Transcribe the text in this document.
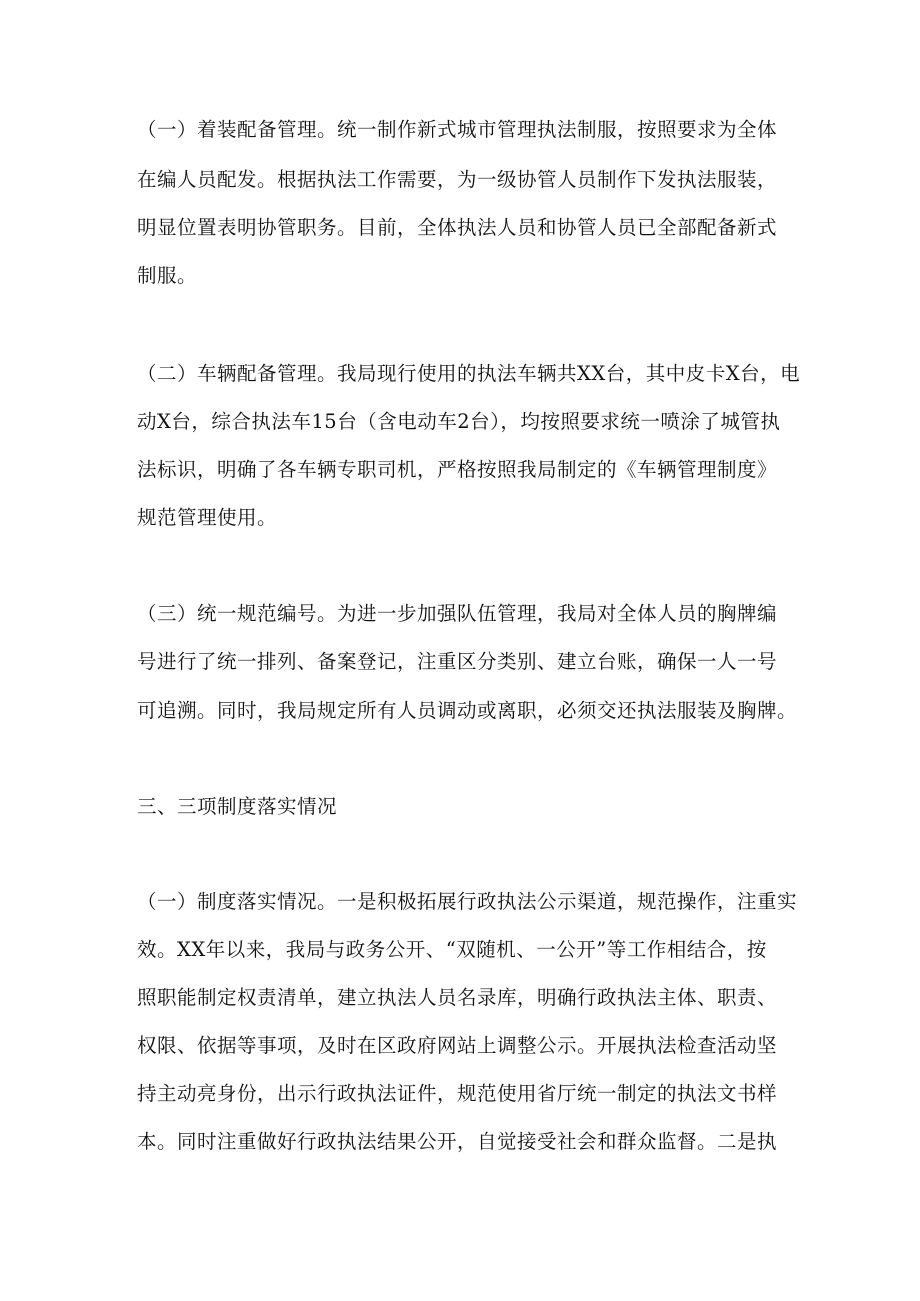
（一）着装配备管理。统一制作新式城市管理执法制服，按照要求为全体
在编人员配发。根据执法工作需要，为一级协管人员制作下发执法服装，
明显位置表明协管职务。目前，全体执法人员和协管人员已全部配备新式
制服。
（二）车辆配备管理。我局现行使用的执法车辆共XX台，其中皮卡X台，电
动X台，综合执法车15台（含电动车2台），均按照要求统一喷涂了城管执
法标识，明确了各车辆专职司机，严格按照我局制定的《车辆管理制度》
规范管理使用。
（三）统一规范编号。为进一步加强队伍管理，我局对全体人员的胸牌编
号进行了统一排列、备案登记，注重区分类别、建立台账，确保一人一号
可追溯。同时，我局规定所有人员调动或离职，必须交还执法服装及胸牌。
三、三项制度落实情况
（一）制度落实情况。一是积极拓展行政执法公示渠道，规范操作，注重实
效。XX年以来，我局与政务公开、“双随机、一公开”等工作相结合，按
照职能制定权责清单，建立执法人员名录库，明确行政执法主体、职责、
权限、依据等事项，及时在区政府网站上调整公示。开展执法检查活动坚
持主动亮身份，出示行政执法证件，规范使用省厅统一制定的执法文书样
本。同时注重做好行政执法结果公开，自觉接受社会和群众监督。二是执
